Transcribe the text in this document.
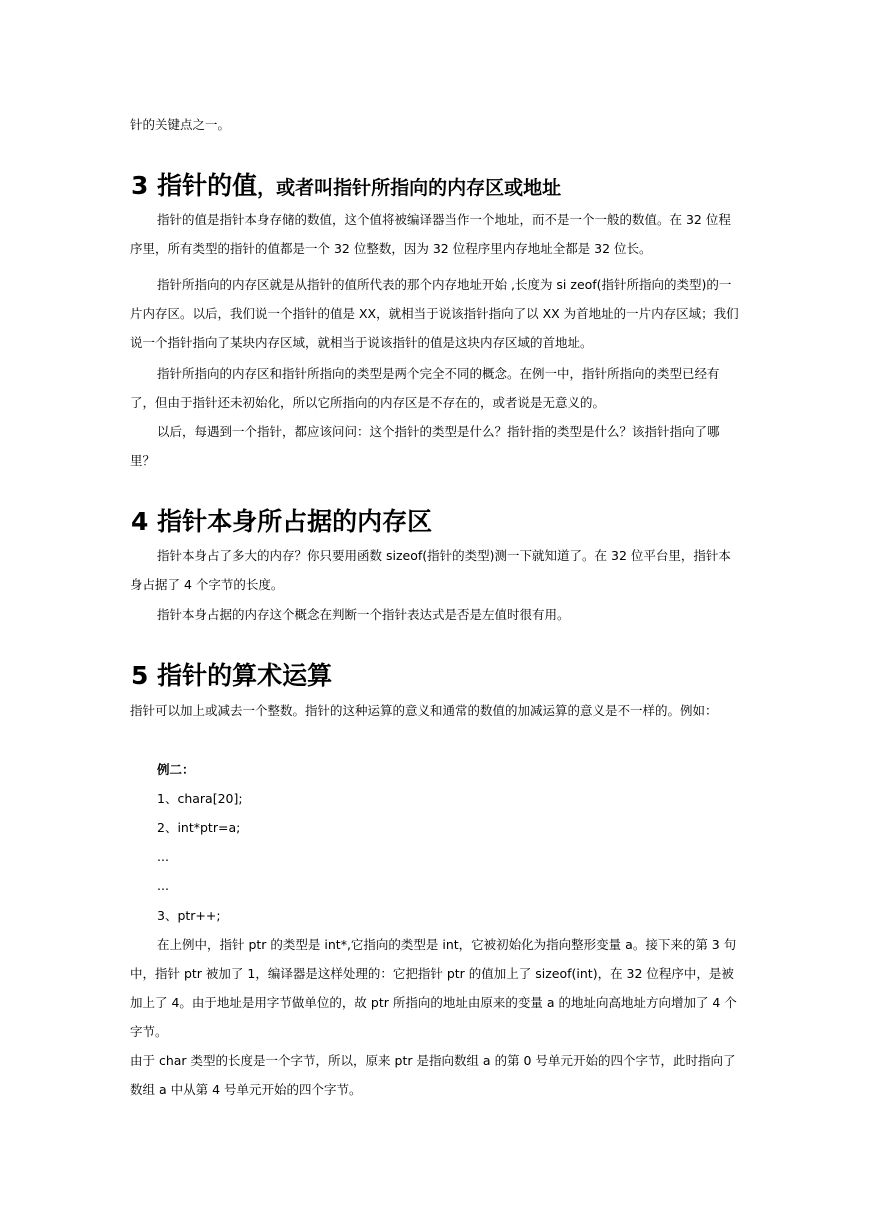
针的关键点之一。

3 指针的值，或者叫指针所指向的内存区或地址

指针的值是指针本身存储的数值，这个值将被编译器当作一个地址，而不是一个一般的数值。在 32 位程序里，所有类型的指针的值都是一个 32 位整数，因为 32 位程序里内存地址全都是 32 位长。

指针所指向的内存区就是从指针的值所代表的那个内存地址开始 ,长度为 si zeof(指针所指向的类型)的一片内存区。以后，我们说一个指针的值是 XX，就相当于说该指针指向了以 XX 为首地址的一片内存区域；我们说一个指针指向了某块内存区域，就相当于说该指针的值是这块内存区域的首地址。

指针所指向的内存区和指针所指向的类型是两个完全不同的概念。在例一中，指针所指向的类型已经有了，但由于指针还未初始化，所以它所指向的内存区是不存在的，或者说是无意义的。

以后，每遇到一个指针，都应该问问：这个指针的类型是什么？指针指的类型是什么？该指针指向了哪里？

4 指针本身所占据的内存区

指针本身占了多大的内存？你只要用函数 sizeof(指针的类型)测一下就知道了。在 32 位平台里，指针本身占据了 4 个字节的长度。

指针本身占据的内存这个概念在判断一个指针表达式是否是左值时很有用。

5 指针的算术运算

指针可以加上或减去一个整数。指针的这种运算的意义和通常的数值的加减运算的意义是不一样的。例如：

例二：

1、chara[20];

2、int*ptr=a;

...

...

3、ptr++;

在上例中，指针 ptr 的类型是 int*,它指向的类型是 int，它被初始化为指向整形变量 a。接下来的第 3 句中，指针 ptr 被加了 1，编译器是这样处理的：它把指针 ptr 的值加上了 sizeof(int)，在 32 位程序中，是被加上了 4。由于地址是用字节做单位的，故 ptr 所指向的地址由原来的变量 a 的地址向高地址方向增加了 4 个字节。

由于 char 类型的长度是一个字节，所以，原来 ptr 是指向数组 a 的第 0 号单元开始的四个字节，此时指向了数组 a 中从第 4 号单元开始的四个字节。
